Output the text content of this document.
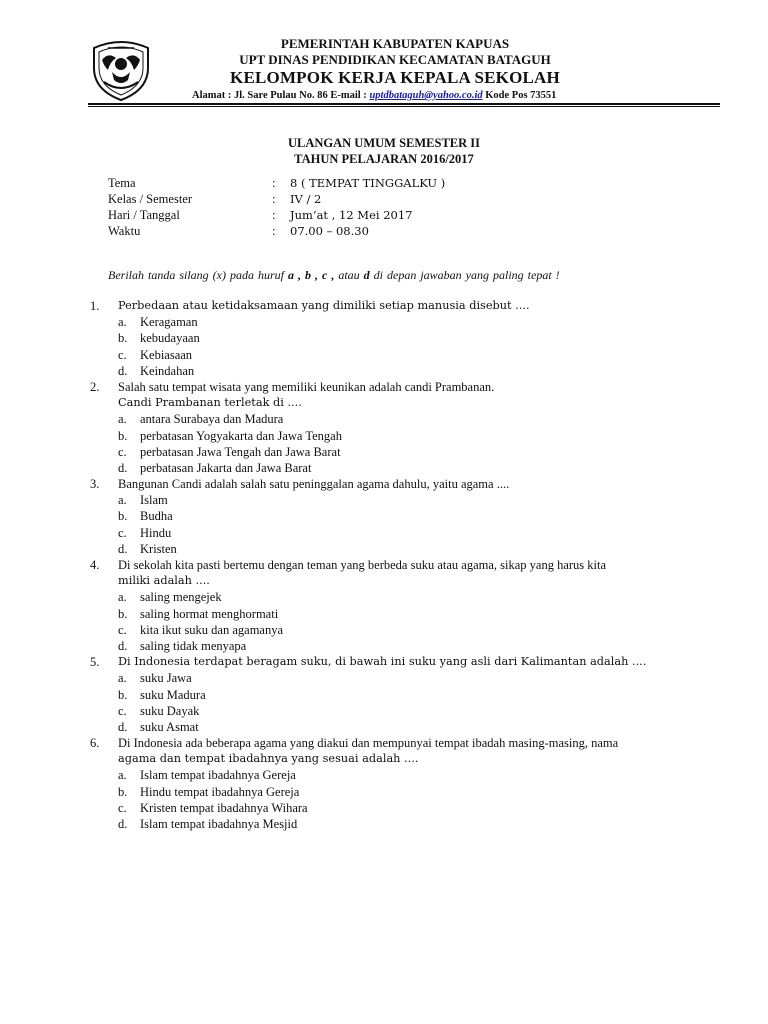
PEMERINTAH KABUPATEN KAPUAS
UPT DINAS PENDIDIKAN KECAMATAN BATAGUH
KELOMPOK KERJA KEPALA SEKOLAH
Alamat : Jl. Sare Pulau No. 86 E-mail : uptdbataguh@yahoo.co.id Kode Pos 73551
ULANGAN UMUM SEMESTER II
TAHUN PELAJARAN 2016/2017
Tema	: 8 ( TEMPAT TINGGALKU )
Kelas / Semester	: IV / 2
Hari / Tanggal	: Jum’at , 12 Mei 2017
Waktu	: 07.00 – 08.30
Berilah tanda silang (x) pada huruf a , b , c , atau d di depan jawaban yang paling tepat !
1. Perbedaan atau ketidaksamaan yang dimiliki setiap manusia disebut ....
a. Keragaman
b. kebudayaan
c. Kebiasaan
d. Keindahan
2. Salah satu tempat wisata yang memiliki keunikan adalah candi Prambanan.
Candi Prambanan terletak di ....
a. antara Surabaya dan Madura
b. perbatasan Yogyakarta dan Jawa Tengah
c. perbatasan Jawa Tengah dan Jawa Barat
d. perbatasan Jakarta dan Jawa Barat
3. Bangunan Candi adalah salah satu peninggalan agama dahulu, yaitu agama ....
a. Islam
b. Budha
c. Hindu
d. Kristen
4. Di sekolah kita pasti bertemu dengan teman yang berbeda suku atau agama, sikap yang harus kita
miliki adalah ....
a. saling mengejek
b. saling hormat menghormati
c. kita ikut suku dan agamanya
d. saling tidak menyapa
5. Di Indonesia terdapat beragam suku, di bawah ini suku yang asli dari Kalimantan adalah ....
a. suku Jawa
b. suku Madura
c. suku Dayak
d. suku Asmat
6. Di Indonesia ada beberapa agama yang diakui dan mempunyai tempat ibadah masing-masing, nama
agama dan tempat ibadahnya yang sesuai adalah ....
a. Islam tempat ibadahnya Gereja
b. Hindu tempat ibadahnya Gereja
c. Kristen tempat ibadahnya Wihara
d. Islam tempat ibadahnya Mesjid
